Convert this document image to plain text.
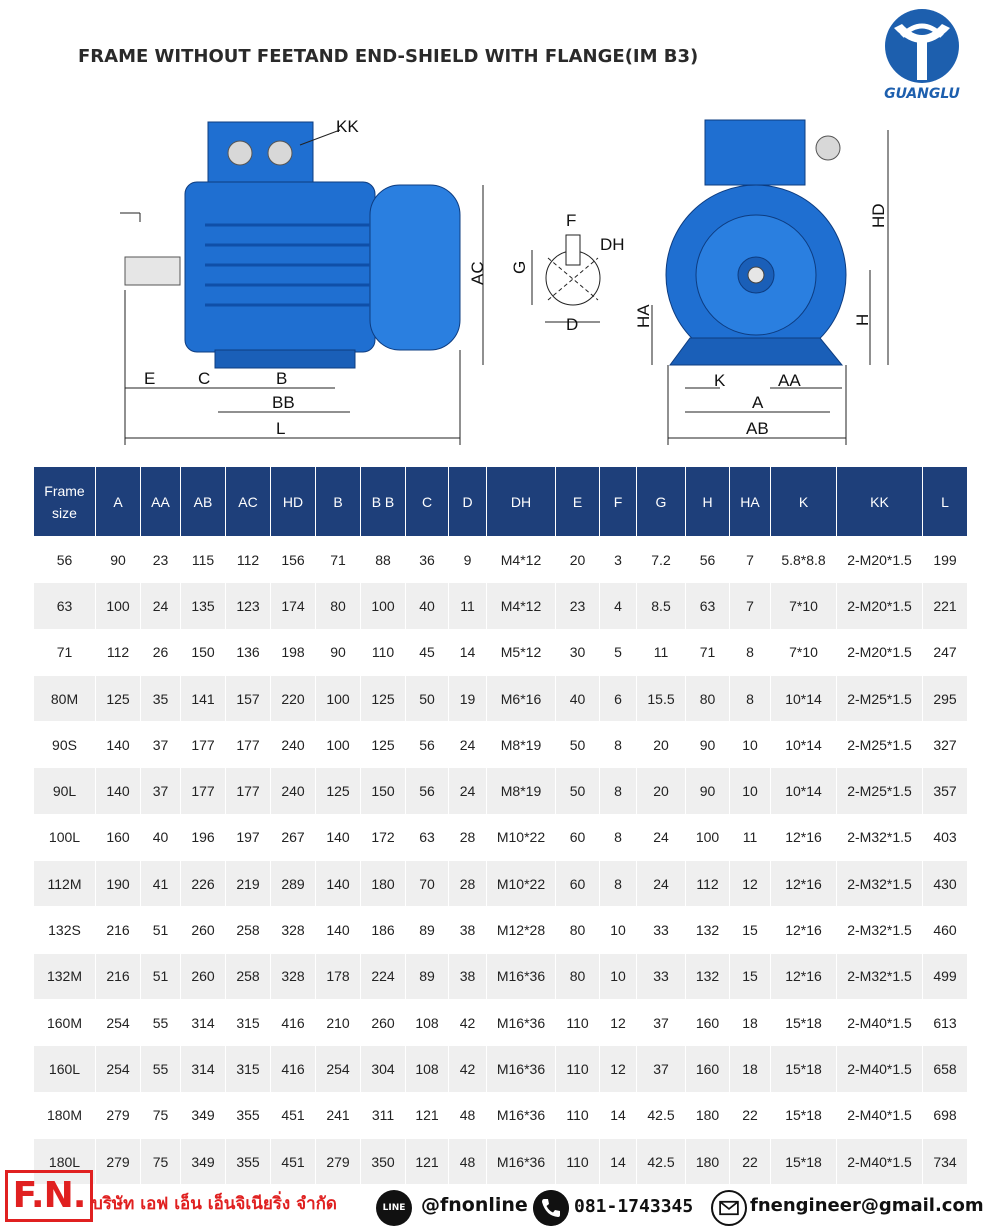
FRAME WITHOUT FEETAND END-SHIELD WITH FLANGE(IM B3)
GUANGLU
KK
AC
E	C	B
BB
L
F
DH
G
D
HD
HA	H
K	AA
A
AB
Frame size	A	AA	AB	AC	HD	B	B B	C	D	DH	E	F	G	H	HA	K	KK	L
56	90	23	115	112	156	71	88	36	9	M4*12	20	3	7.2	56	7	5.8*8.8	2-M20*1.5	199
63	100	24	135	123	174	80	100	40	11	M4*12	23	4	8.5	63	7	7*10	2-M20*1.5	221
71	112	26	150	136	198	90	110	45	14	M5*12	30	5	11	71	8	7*10	2-M20*1.5	247
80M	125	35	141	157	220	100	125	50	19	M6*16	40	6	15.5	80	8	10*14	2-M25*1.5	295
90S	140	37	177	177	240	100	125	56	24	M8*19	50	8	20	90	10	10*14	2-M25*1.5	327
90L	140	37	177	177	240	125	150	56	24	M8*19	50	8	20	90	10	10*14	2-M25*1.5	357
100L	160	40	196	197	267	140	172	63	28	M10*22	60	8	24	100	11	12*16	2-M32*1.5	403
112M	190	41	226	219	289	140	180	70	28	M10*22	60	8	24	112	12	12*16	2-M32*1.5	430
132S	216	51	260	258	328	140	186	89	38	M12*28	80	10	33	132	15	12*16	2-M32*1.5	460
132M	216	51	260	258	328	178	224	89	38	M16*36	80	10	33	132	15	12*16	2-M32*1.5	499
160M	254	55	314	315	416	210	260	108	42	M16*36	110	12	37	160	18	15*18	2-M40*1.5	613
160L	254	55	314	315	416	254	304	108	42	M16*36	110	12	37	160	18	15*18	2-M40*1.5	658
180M	279	75	349	355	451	241	311	121	48	M16*36	110	14	42.5	180	22	15*18	2-M40*1.5	698
180L	279	75	349	355	451	279	350	121	48	M16*36	110	14	42.5	180	22	15*18	2-M40*1.5	734
F.N. บริษัท เอฟ เอ็น เอ็นจิเนียริ่ง จำกัด	LINE @fnonline	081-1743345	fnengineer@gmail.com
